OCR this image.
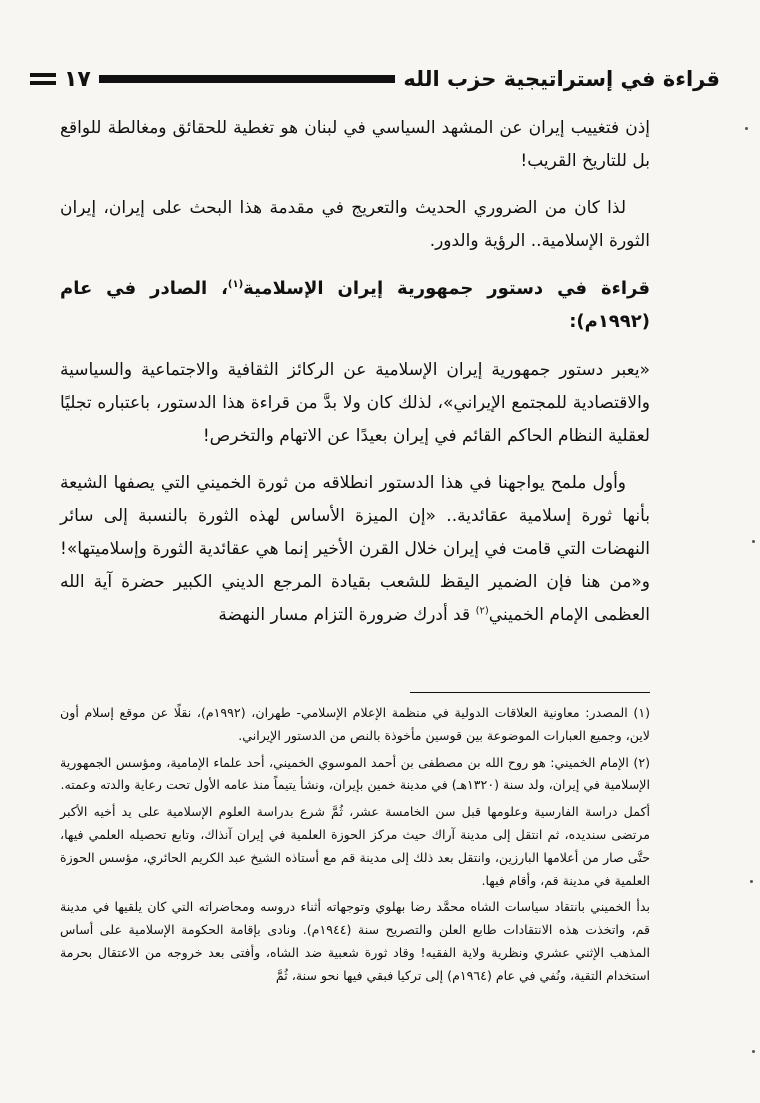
قراءة في إستراتيجية حزب الله
١٧

إذن فتغييب إيران عن المشهد السياسي في لبنان هو تغطية للحقائق ومغالطة للواقع بل للتاريخ القريب!

لذا كان من الضروري الحديث والتعريج في مقدمة هذا البحث على إيران، إيران الثورة الإسلامية.. الرؤية والدور.

قراءة في دستور جمهورية إيران الإسلامية$^{(١)}$، الصادر في عام (١٩٩٢م):

«يعبر دستور جمهورية إيران الإسلامية عن الركائز الثقافية والاجتماعية والسياسية والاقتصادية للمجتمع الإيراني»، لذلك كان ولا بدَّ من قراءة هذا الدستور، باعتباره تجليًا لعقلية النظام الحاكم القائم في إيران بعيدًا عن الاتهام والتخرص!

وأول ملمح يواجهنا في هذا الدستور انطلاقه من ثورة الخميني التي يصفها الشيعة بأنها ثورة إسلامية عقائدية.. «إن الميزة الأساس لهذه الثورة بالنسبة إلى سائر النهضات التي قامت في إيران خلال القرن الأخير إنما هي عقائدية الثورة وإسلاميتها»! و«من هنا فإن الضمير اليقظ للشعب بقيادة المرجع الديني الكبير حضرة آية الله العظمى الإمام الخميني$^{(٢)}$ قد أدرك ضرورة التزام مسار النهضة

(١) المصدر: معاونية العلاقات الدولية في منظمة الإعلام الإسلامي- طهران، (١٩٩٢م)، نقلًا عن موقع إسلام أون لاين، وجميع العبارات الموضوعة بين قوسين مأخوذة بالنص من الدستور الإيراني.

(٢) الإمام الخميني: هو روح الله بن مصطفى بن أحمد الموسوي الخميني، أحد علماء الإمامية، ومؤسس الجمهورية الإسلامية في إيران، ولد سنة (١٣٢٠هـ) في مدينة خمين بإيران، ونشأ يتيماً منذ عامه الأول تحت رعاية والدته وعمته.

أكمل دراسة الفارسية وعلومها قبل سن الخامسة عشر، ثُمَّ شرع بدراسة العلوم الإسلامية على يد أخيه الأكبر مرتضى سنديده، ثم انتقل إلى مدينة آراك حيث مركز الحوزة العلمية في إيران آنذاك، وتابع تحصيله العلمي فيها، حتَّى صار من أعلامها البارزين، وانتقل بعد ذلك إلى مدينة قم مع أستاذه الشيخ عبد الكريم الحائري، مؤسس الحوزة العلمية في مدينة قم، وأقام فيها.

بدأ الخميني بانتقاد سياسات الشاه محمَّد رضا بهلوي وتوجهاته أثناء دروسه ومحاضراته التي كان يلقيها في مدينة قم، واتخذت هذه الانتقادات طابع العلن والتصريح سنة (١٩٤٤م). ونادى بإقامة الحكومة الإسلامية على أساس المذهب الإثني عشري ونظرية ولاية الفقيه! وقاد ثورة شعبية ضد الشاه، وأفتى بعد خروجه من الاعتقال بحرمة استخدام التقية، ونُفي في عام (١٩٦٤م) إلى تركيا فبقي فيها نحو سنة، ثُمَّ
